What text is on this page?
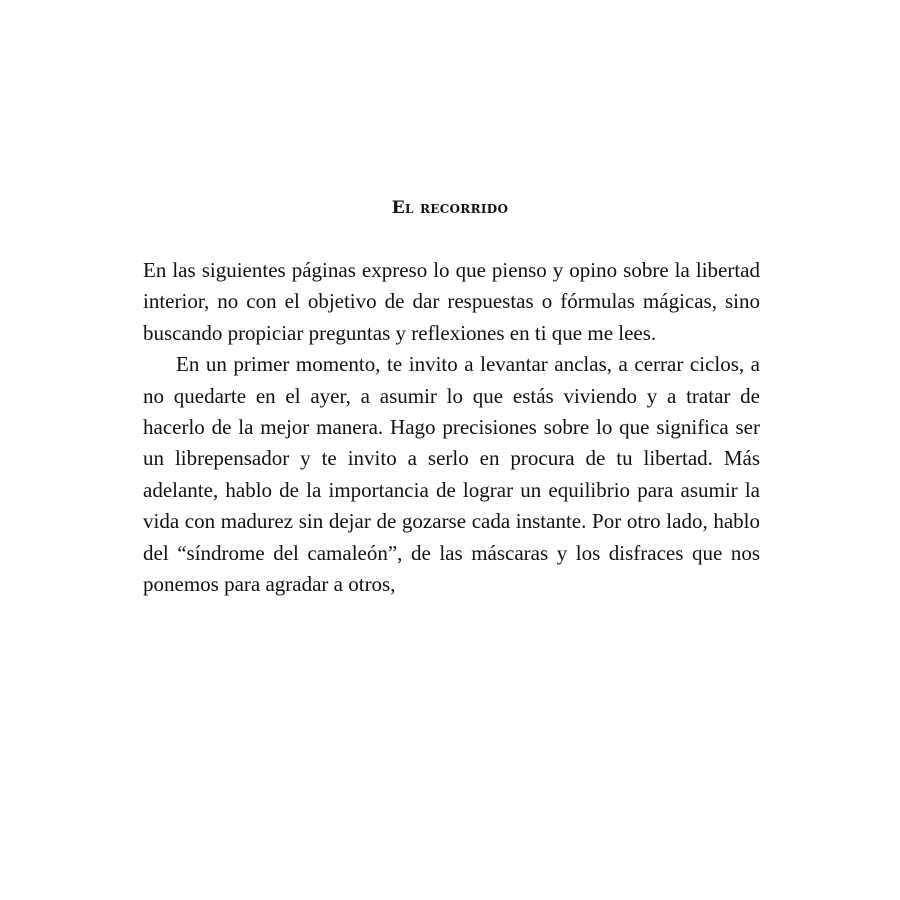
El recorrido

En las siguientes páginas expreso lo que pienso y opino sobre la libertad interior, no con el objetivo de dar respuestas o fórmulas mágicas, sino buscando propiciar preguntas y reflexiones en ti que me lees.

En un primer momento, te invito a levantar anclas, a cerrar ciclos, a no quedarte en el ayer, a asumir lo que estás viviendo y a tratar de hacerlo de la mejor manera. Hago precisiones sobre lo que significa ser un librepensador y te invito a serlo en procura de tu libertad. Más adelante, hablo de la importancia de lograr un equilibrio para asumir la vida con madurez sin dejar de gozarse cada instante. Por otro lado, hablo del “síndrome del camaleón”, de las máscaras y los disfraces que nos ponemos para agradar a otros,
